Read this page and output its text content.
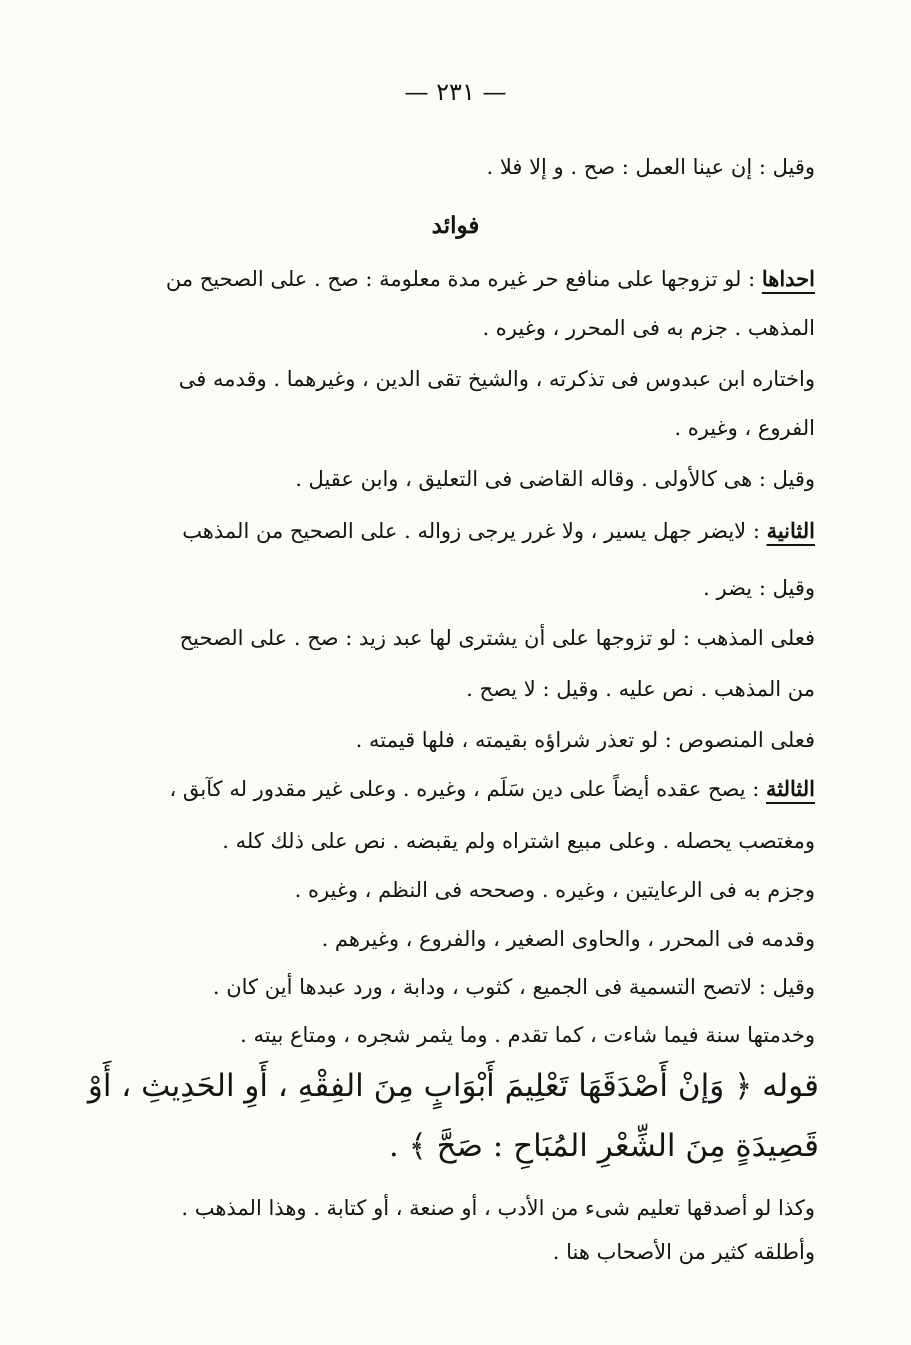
— ٢٣١ —
وقيل : إن عينا العمل : صح . و إلا فلا .
فوائد
احداها : لو تزوجها على منافع حر غيره مدة معلومة : صح . على الصحيح من
المذهب . جزم به فى المحرر ، وغيره .
واختاره ابن عبدوس فى تذكرته ، والشيخ تقى الدين ، وغيرهما . وقدمه فى
الفروع ، وغيره .
وقيل : هى كالأولى . وقاله القاضى فى التعليق ، وابن عقيل .
الثانية : لايضر جهل يسير ، ولا غرر يرجى زواله . على الصحيح من المذهب
وقيل : يضر .
فعلى المذهب : لو تزوجها على أن يشترى لها عبد زيد : صح . على الصحيح
من المذهب . نص عليه . وقيل : لا يصح .
فعلى المنصوص : لو تعذر شراؤه بقيمته ، فلها قيمته .
الثالثة : يصح عقده أيضاً على دين سَلَم ، وغيره . وعلى غير مقدور له كآبق ،
ومغتصب يحصله . وعلى مبيع اشتراه ولم يقبضه . نص على ذلك كله .
وجزم به فى الرعايتين ، وغيره . وصححه فى النظم ، وغيره .
وقدمه فى المحرر ، والحاوى الصغير ، والفروع ، وغيرهم .
وقيل : لاتصح التسمية فى الجميع ، كثوب ، ودابة ، ورد عبدها أين كان .
وخدمتها سنة فيما شاءت ، كما تقدم . وما يثمر شجره ، ومتاع بيته .
قوله ﴿ وَإنْ أَصْدَقَهَا تَعْلِيمَ أَبْوَابٍ مِنَ الفِقْهِ ، أَوِ الحَدِيثِ ، أَوْ
قَصِيدَةٍ مِنَ الشِّعْرِ المُبَاحِ : صَحَّ ﴾ .
وكذا لو أصدقها تعليم شىء من الأدب ، أو صنعة ، أو كتابة . وهذا المذهب .
وأطلقه كثير من الأصحاب هنا .
